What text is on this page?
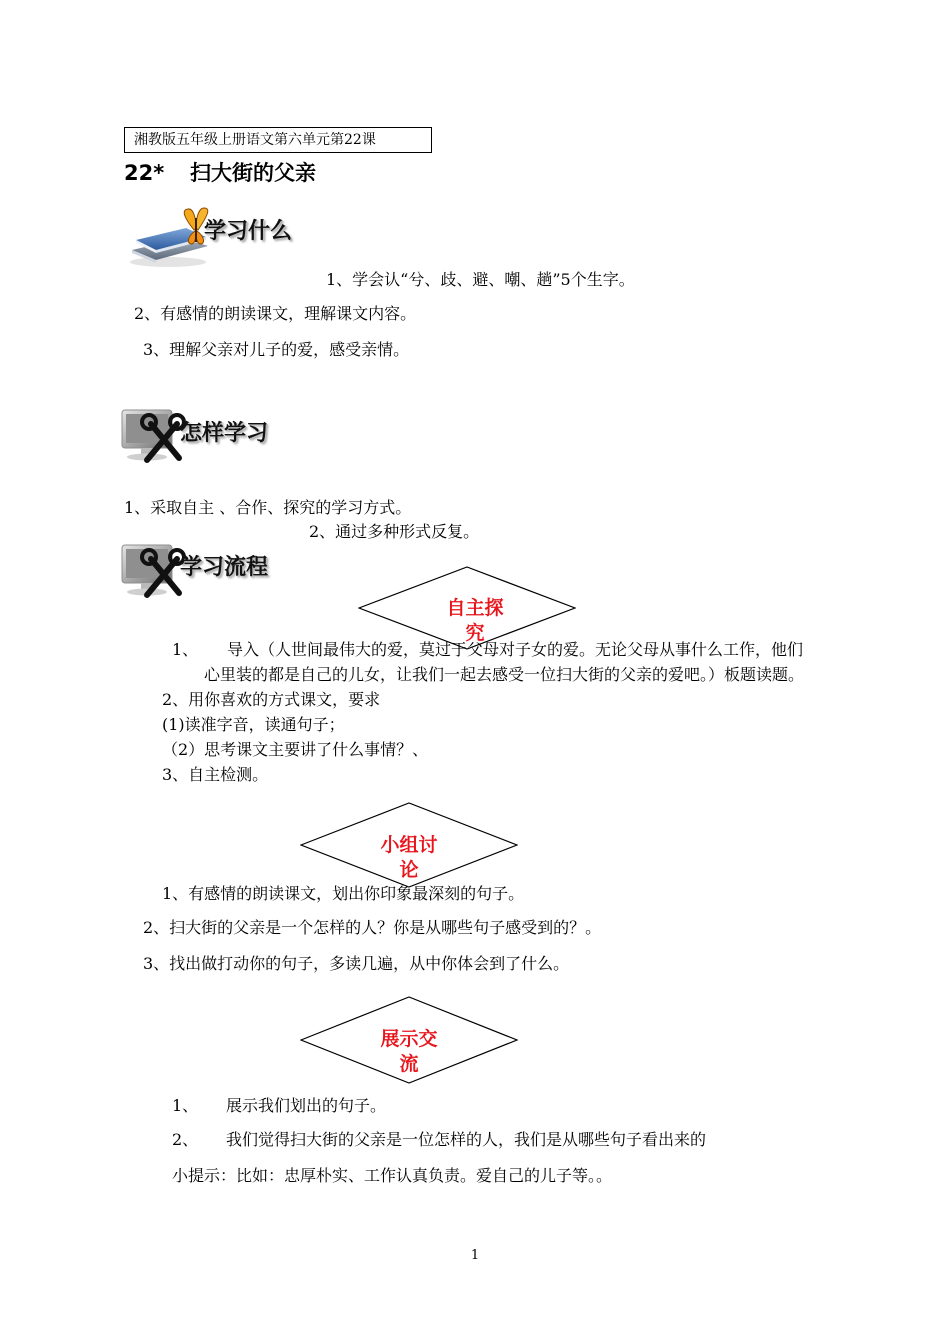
湘教版五年级上册语文第六单元第22课
22* 扫大街的父亲
学习什么
1、学会认“兮、歧、避、嘲、趟”5个生字。
2、有感情的朗读课文，理解课文内容。
3、理解父亲对儿子的爱，感受亲情。
怎样学习
1、采取自主 、合作、探究的学习方式。
2、通过多种形式反复。
学习流程
自主探
究
1、 导入（人世间最伟大的爱，莫过于父母对子女的爱。无论父母从事什么工作，他们
心里装的都是自己的儿女，让我们一起去感受一位扫大街的父亲的爱吧。）板题读题。
2、用你喜欢的方式课文，要求
(1)读准字音，读通句子；
（2）思考课文主要讲了什么事情？、
3、自主检测。
小组讨
论
1、有感情的朗读课文，划出你印象最深刻的句子。
2、扫大街的父亲是一个怎样的人？你是从哪些句子感受到的？。
3、找出做打动你的句子，多读几遍，从中你体会到了什么。
展示交
流
1、 展示我们划出的句子。
2、 我们觉得扫大街的父亲是一位怎样的人，我们是从哪些句子看出来的
小提示：比如：忠厚朴实、工作认真负责。爱自己的儿子等。。
1
